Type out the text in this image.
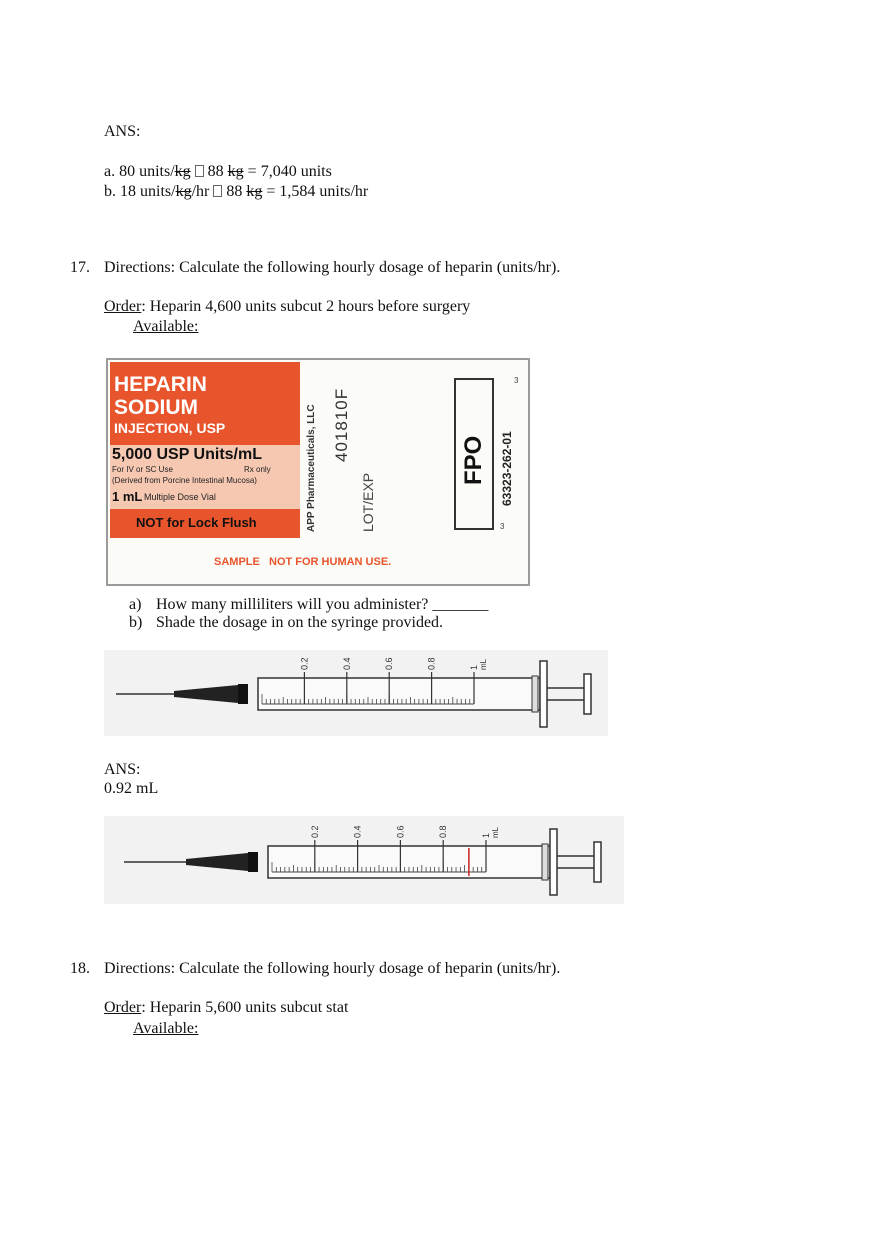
ANS:
a. 80 units/kg 88 kg = 7,040 units
b. 18 units/kg/hr 88 kg = 1,584 units/hr
17. Directions: Calculate the following hourly dosage of heparin (units/hr).
Order: Heparin 4,600 units subcut 2 hours before surgery
Available:
HEPARIN
SODIUM
INJECTION, USP
5,000 USP Units/mL
For IV or SC Use	Rx only
(Derived from Porcine Intestinal Mucosa)
1 mL Multiple Dose Vial
NOT for Lock Flush	APP Pharmaceuticals, LLC 401810F
LOT/EXP
FPO 63323-262-01
3
3
SAMPLE   NOT FOR HUMAN USE.
a) How many milliliters will you administer? _______
b) Shade the dosage in on the syringe provided.
0.2	0.4	0.6	0.8	1 mL
ANS:
0.92 mL
0.2	0.4	0.6	0.8	1 mL
18. Directions: Calculate the following hourly dosage of heparin (units/hr).
Order: Heparin 5,600 units subcut stat
Available:
